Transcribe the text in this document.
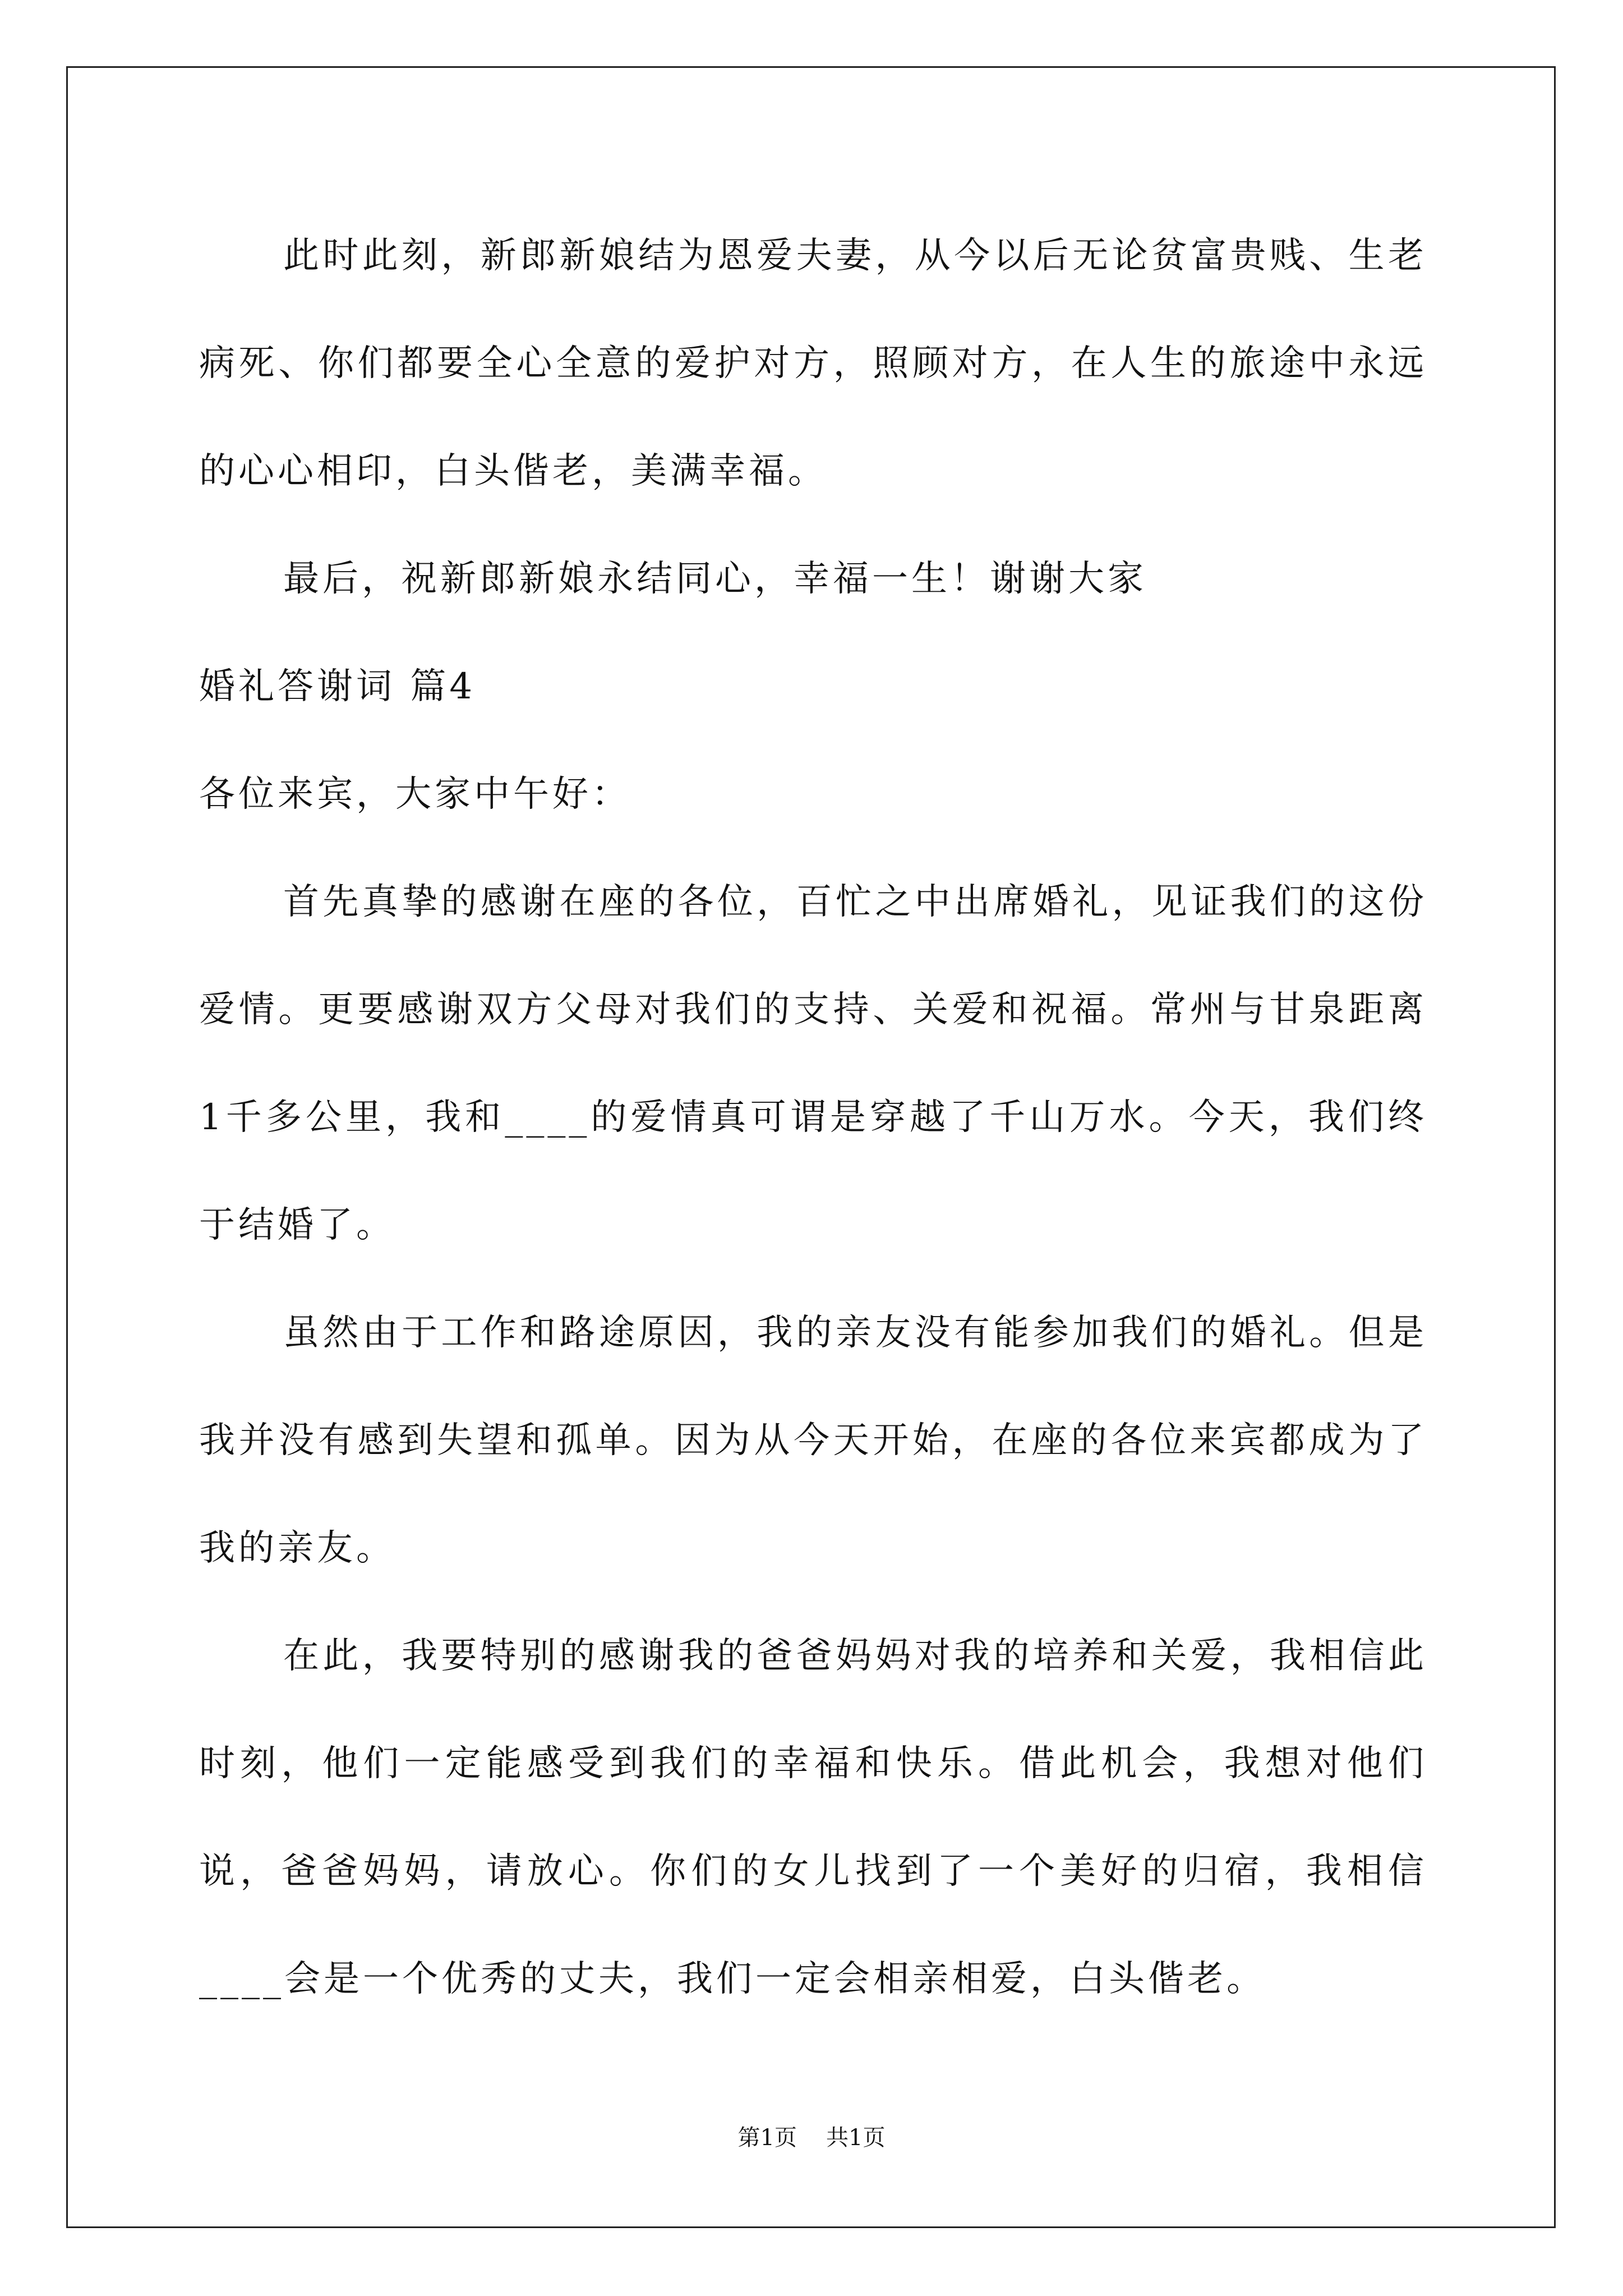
此时此刻，新郎新娘结为恩爱夫妻，从今以后无论贫富贵贱、生老病死、你们都要全心全意的爱护对方，照顾对方，在人生的旅途中永远的心心相印，白头偕老，美满幸福。

最后，祝新郎新娘永结同心，幸福一生！谢谢大家

婚礼答谢词 篇4

各位来宾，大家中午好：

首先真挚的感谢在座的各位，百忙之中出席婚礼，见证我们的这份爱情。更要感谢双方父母对我们的支持、关爱和祝福。常州与甘泉距离1千多公里，我和____的爱情真可谓是穿越了千山万水。今天，我们终于结婚了。

虽然由于工作和路途原因，我的亲友没有能参加我们的婚礼。但是我并没有感到失望和孤单。因为从今天开始，在座的各位来宾都成为了我的亲友。

在此，我要特别的感谢我的爸爸妈妈对我的培养和关爱，我相信此时刻，他们一定能感受到我们的幸福和快乐。借此机会，我想对他们说，爸爸妈妈，请放心。你们的女儿找到了一个美好的归宿，我相信____会是一个优秀的丈夫，我们一定会相亲相爱，白头偕老。

第1页 共1页
